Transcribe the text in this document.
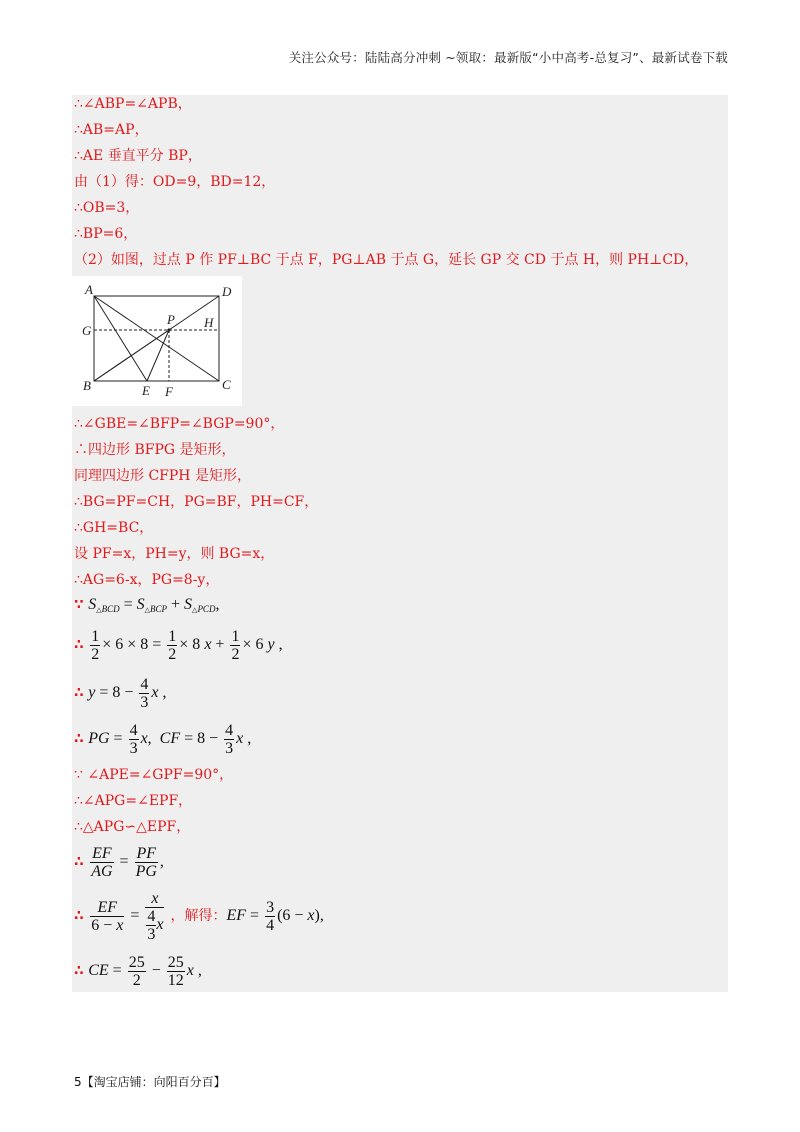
关注公众号：陆陆高分冲刺 ~领取：最新版“小中高考-总复习”、最新试卷下载
∴∠ABP=∠APB，
∴AB=AP，
∴AE 垂直平分 BP，
由（1）得：OD=9，BD=12，
∴OB=3，
∴BP=6，
（2）如图，过点 P 作 PF⊥BC 于点 F，PG⊥AB 于点 G，延长 GP 交 CD 于点 H，则 PH⊥CD，
∴∠GBE=∠BFP=∠BGP=90°，
∴四边形 BFPG 是矩形，
同理四边形 CFPH 是矩形，
∴BG=PF=CH，PG=BF，PH=CF，
∴GH=BC，
设 PF=x，PH=y，则 BG=x，
∴AG=6-x，PG=8-y，
∵ $S\triangle_{BCD}$ = $S\triangle_{BCP}$ + $S\triangle_{PCD}$,
∴ $\frac{1}{2} \times 6 \times 8 = \frac{1}{2} \times 8$ $x + \frac{1}{2} \times 6$ y ,
∴ $y = 8 - \frac{4}{3}$ x ,
∴ PG = $\frac{4}{3} x$,  CF = $8 - \frac{4}{3}$ x ,
∵ ∠APE=∠GPF=90°，
∴∠APG=∠EPF，
∴△APG∽△EPF，
∴ $\frac{EF}{AG} = \frac{PF}{PG}$ ,
∴ $\frac{EF}{6 - x} = \frac{x}{\frac{4}{3} x}$ ，解得：EF = $\frac{3}{4} (6 - x)$,
∴ CE = $\frac{25}{2} - \frac{25}{12}$ x ,
A	D
G
P H
B	E F	C
5【淘宝店铺：向阳百分百】
